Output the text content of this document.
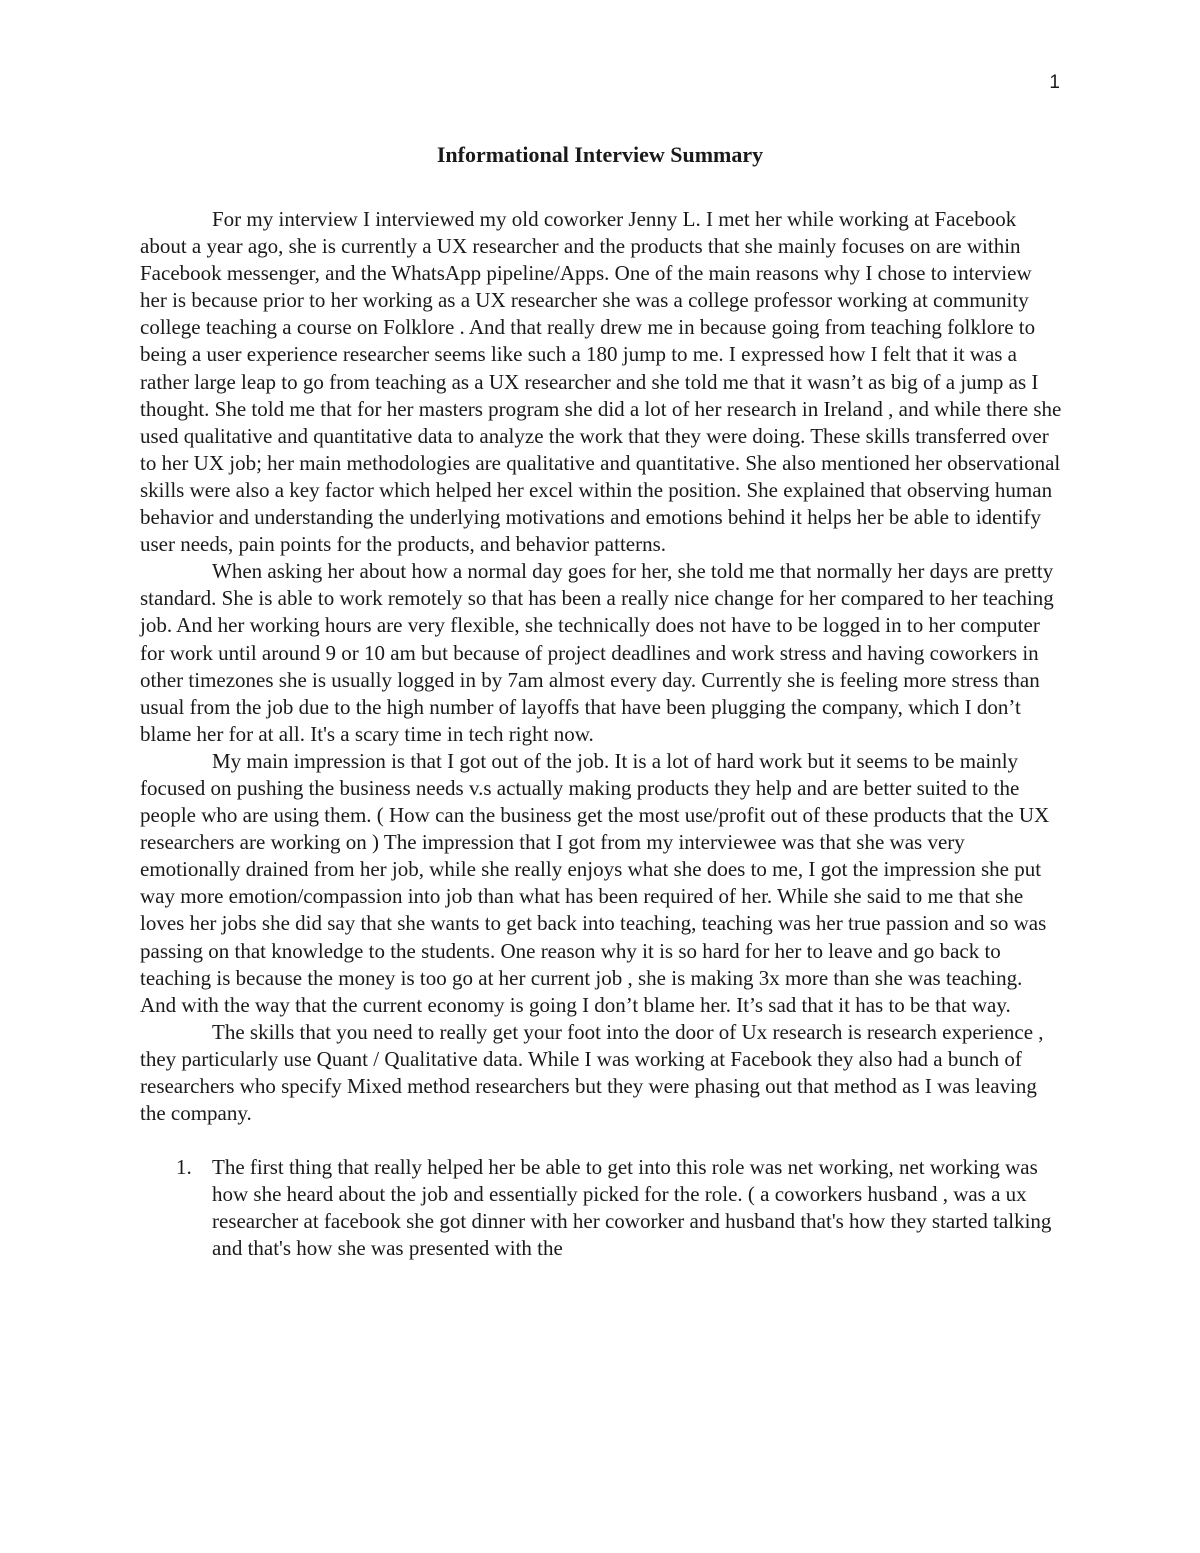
1
Informational Interview Summary

For my interview I interviewed my old coworker Jenny L. I met her while working at Facebook about a year ago, she is currently a UX researcher and the products that she mainly focuses on are within Facebook messenger, and the WhatsApp pipeline/Apps. One of the main reasons why I chose to interview her is because prior to her working as a UX researcher she was a college professor working at community college teaching a course on Folklore . And that really drew me in because going from teaching folklore to being a user experience researcher seems like such a 180 jump to me. I expressed how I felt that it was a rather large leap to go from teaching as a UX researcher and she told me that it wasn’t as big of a jump as I thought. She told me that for her masters program she did a lot of her research in Ireland , and while there she used qualitative and quantitative data to analyze the work that they were doing. These skills transferred over to her UX job; her main methodologies are qualitative and quantitative. She also mentioned her observational skills were also a key factor which helped her excel within the position. She explained that observing human behavior and understanding the underlying motivations and emotions behind it helps her be able to identify user needs, pain points for the products, and behavior patterns.

When asking her about how a normal day goes for her, she told me that normally her days are pretty standard. She is able to work remotely so that has been a really nice change for her compared to her teaching job. And her working hours are very flexible, she technically does not have to be logged in to her computer for work until around 9 or 10 am but because of project deadlines and work stress and having coworkers in other timezones she is usually logged in by 7am almost every day. Currently she is feeling more stress than usual from the job due to the high number of layoffs that have been plugging the company, which I don’t blame her for at all. It's a scary time in tech right now.

My main impression is that I got out of the job. It is a lot of hard work but it seems to be mainly focused on pushing the business needs v.s actually making products they help and are better suited to the people who are using them. ( How can the business get the most use/profit out of these products that the UX researchers are working on ) The impression that I got from my interviewee was that she was very emotionally drained from her job, while she really enjoys what she does to me, I got the impression she put way more emotion/compassion into job than what has been required of her. While she said to me that she loves her jobs she did say that she wants to get back into teaching, teaching was her true passion and so was passing on that knowledge to the students. One reason why it is so hard for her to leave and go back to teaching is because the money is too go at her current job , she is making 3x more than she was teaching. And with the way that the current economy is going I don’t blame her. It’s sad that it has to be that way.

The skills that you need to really get your foot into the door of Ux research is research experience , they particularly use Quant / Qualitative data. While I was working at Facebook they also had a bunch of researchers who specify Mixed method researchers but they were phasing out that method as I was leaving the company.

1. The first thing that really helped her be able to get into this role was net working, net working was how she heard about the job and essentially picked for the role. ( a coworkers husband , was a ux researcher at facebook she got dinner with her coworker and husband that's how they started talking and that's how she was presented with the
